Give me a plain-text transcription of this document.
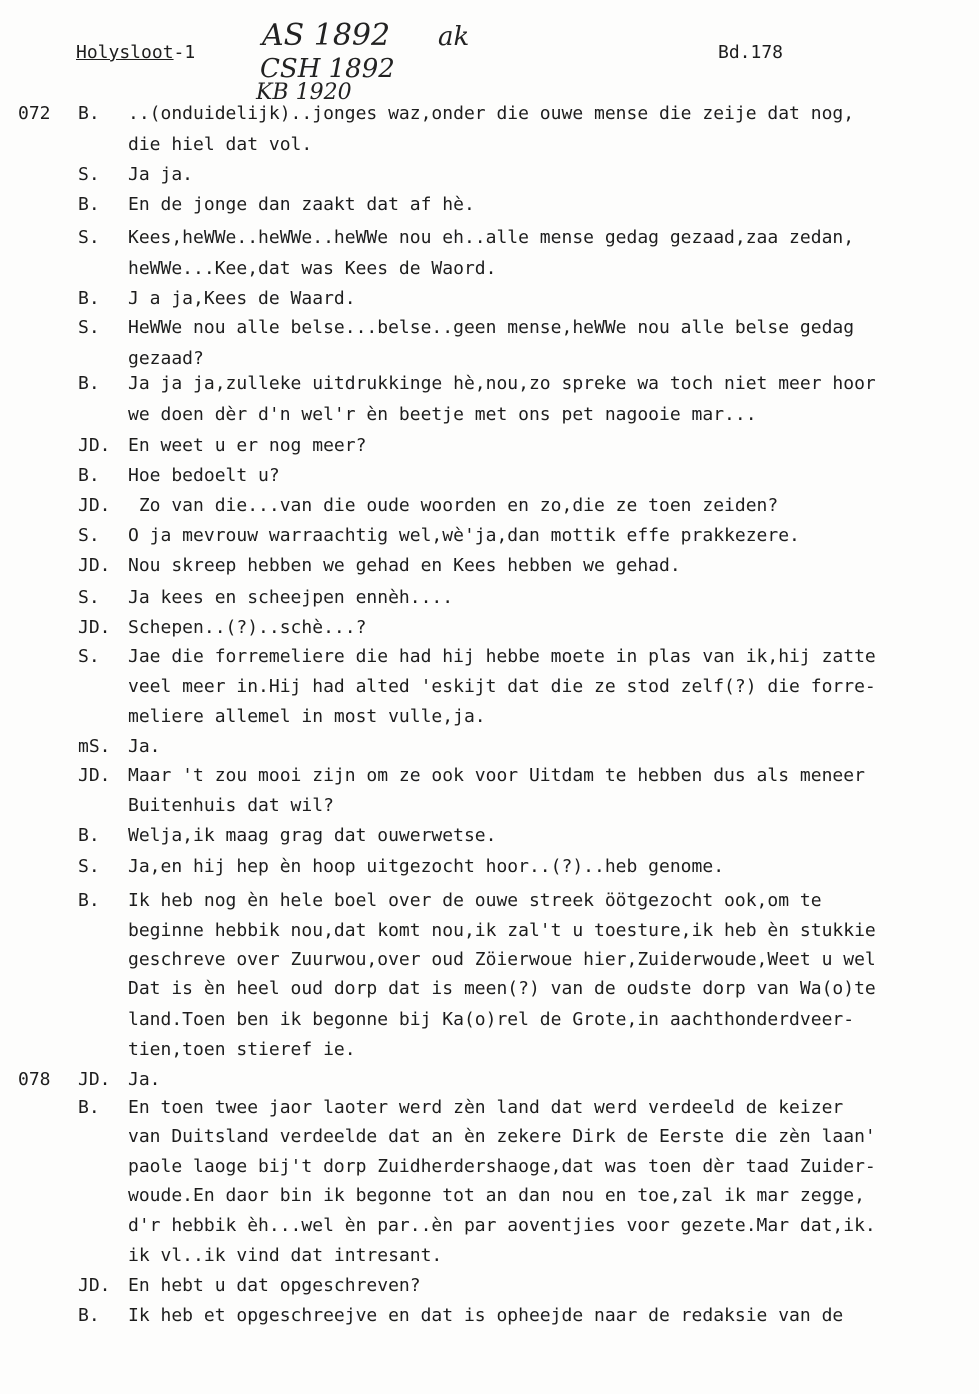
Holysloot-1	Bd.178
AS 1892 ak
CSH 1892
KB 1920
072 B. ..(onduidelijk)..jonges waz,onder die ouwe mense die zeije dat nog,
die hiel dat vol.
S. Ja ja.
B. En de jonge dan zaakt dat af hè.
S. Kees,heWWe..heWWe..heWWe nou eh..alle mense gedag gezaad,zaa zedan,
heWWe...Kee,dat was Kees de Waord.
B. J a ja,Kees de Waard.
S. HeWWe nou alle belse...belse..geen mense,heWWe nou alle belse gedag
gezaad?
B. Ja ja ja,zulleke uitdrukkinge hè,nou,zo spreke wa toch niet meer hoor
we doen dèr d'n wel'r èn beetje met ons pet nagooie mar...
JD. En weet u er nog meer?
B. Hoe bedoelt u?
JD. Zo van die...van die oude woorden en zo,die ze toen zeiden?
S. O ja mevrouw warraachtig wel,wè'ja,dan mottik effe prakkezere.
JD. Nou skreep hebben we gehad en Kees hebben we gehad.
S. Ja kees en scheejpen ennèh....
JD. Schepen..(?)..schè...?
S. Jae die forremeliere die had hij hebbe moete in plas van ik,hij zatte
veel meer in.Hij had alted 'eskijt dat die ze stod zelf(?) die forre-
meliere allemel in most vulle,ja.
mS. Ja.
JD. Maar 't zou mooi zijn om ze ook voor Uitdam te hebben dus als meneer
Buitenhuis dat wil?
B. Welja,ik maag grag dat ouwerwetse.
S. Ja,en hij hep èn hoop uitgezocht hoor..(?)..heb genome.
B. Ik heb nog èn hele boel over de ouwe streek öötgezocht ook,om te
beginne hebbik nou,dat komt nou,ik zal't u toesture,ik heb èn stukkie
geschreve over Zuurwou,over oud Zöierwoue hier,Zuiderwoude,Weet u wel
Dat is èn heel oud dorp dat is meen(?) van de oudste dorp van Wa(o)te
land.Toen ben ik begonne bij Ka(o)rel de Grote,in aachthonderdveer-
tien,toen stieref ie.
078 JD. Ja.
B. En toen twee jaor laoter werd zèn land dat werd verdeeld de keizer
van Duitsland verdeelde dat an èn zekere Dirk de Eerste die zèn laan'
paole laoge bij't dorp Zuidherdershaoge,dat was toen dèr taad Zuider-
woude.En daor bin ik begonne tot an dan nou en toe,zal ik mar zegge,
d'r hebbik èh...wel èn par..èn par aoventjies voor gezete.Mar dat,ik.
ik vl..ik vind dat intresant.
JD. En hebt u dat opgeschreven?
B. Ik heb et opgeschreejve en dat is opheejde naar de redaksie van de
